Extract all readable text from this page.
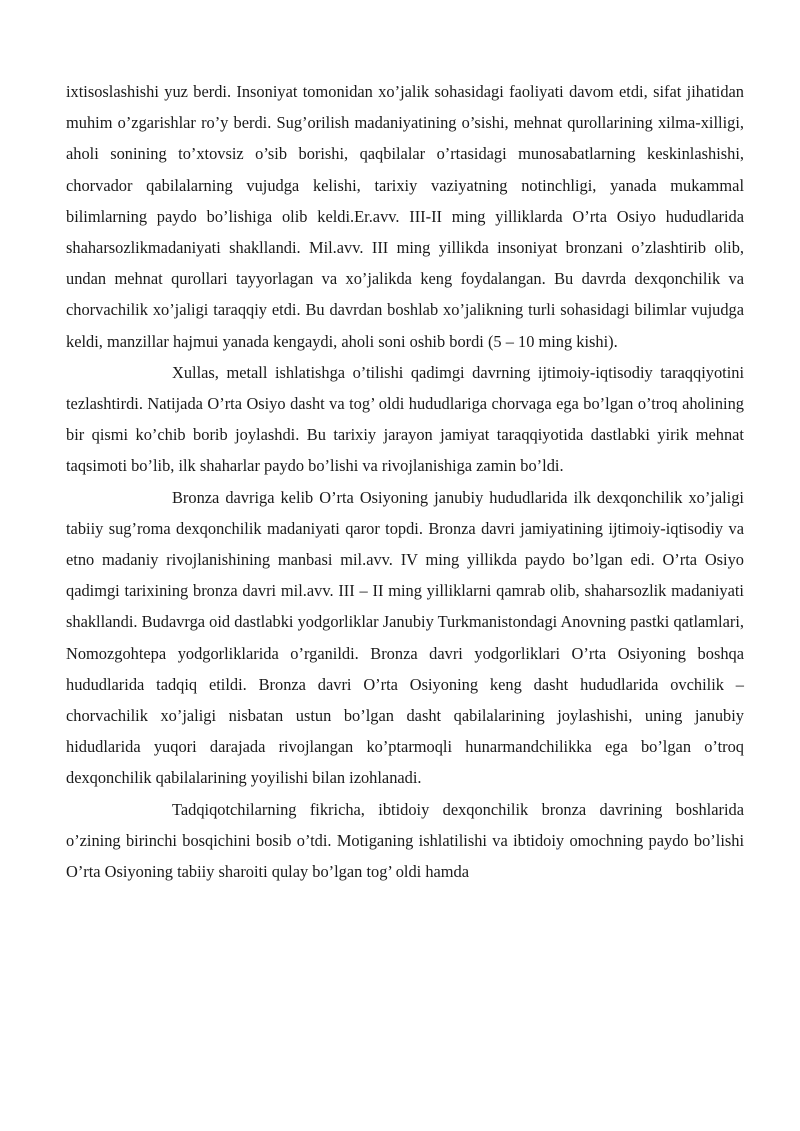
ixtisoslashishi yuz berdi. Insoniyat tomonidan xo’jalik sohasidagi faoliyati davom etdi, sifat jihatidan muhim o’zgarishlar ro’y berdi. Sug’orilish madaniyatining o’sishi, mehnat qurollarining xilma-xilligi, aholi sonining to’xtovsiz o’sib borishi, qaqbilalar o’rtasidagi munosabatlarning keskinlashishi, chorvador qabilalarning vujudga kelishi, tarixiy vaziyatning notinchligi, yanada mukammal bilimlarning paydo bo’lishiga olib keldi.Er.avv. III-II ming yilliklarda O’rta Osiyo hududlarida shaharsozlikmadaniyati shakllandi. Mil.avv. III ming yillikda insoniyat bronzani o’zlashtirib olib, undan mehnat qurollari tayyorlagan va xo’jalikda keng foydalangan. Bu davrda dexqonchilik va chorvachilik xo’jaligi taraqqiy etdi. Bu davrdan boshlab xo’jalikning turli sohasidagi bilimlar vujudga keldi, manzillar hajmui yanada kengaydi, aholi soni oshib bordi (5 – 10 ming kishi).

Xullas, metall ishlatishga o’tilishi qadimgi davrning ijtimoiy-iqtisodiy taraqqiyotini tezlashtirdi. Natijada O’rta Osiyo dasht va tog’ oldi hududlariga chorvaga ega bo’lgan o’troq aholining bir qismi ko’chib borib joylashdi. Bu tarixiy jarayon jamiyat taraqqiyotida dastlabki yirik mehnat taqsimoti bo’lib, ilk shaharlar paydo bo’lishi va rivojlanishiga zamin bo’ldi.

Bronza davriga kelib O’rta Osiyoning janubiy hududlarida ilk dexqonchilik xo’jaligi tabiiy sug’roma dexqonchilik madaniyati qaror topdi. Bronza davri jamiyatining ijtimoiy-iqtisodiy va etno madaniy rivojlanishining manbasi mil.avv. IV ming yillikda paydo bo’lgan edi. O’rta Osiyo qadimgi tarixining bronza davri mil.avv. III – II ming yilliklarni qamrab olib, shaharsozlik madaniyati shakllandi. Budavrga oid dastlabki yodgorliklar Janubiy Turkmanistondagi Anovning pastki qatlamlari, Nomozgohtepa yodgorliklarida o’rganildi. Bronza davri yodgorliklari O’rta Osiyoning boshqa hududlarida tadqiq etildi. Bronza davri O’rta Osiyoning keng dasht hududlarida ovchilik – chorvachilik xo’jaligi nisbatan ustun bo’lgan dasht qabilalarining joylashishi, uning janubiy hidudlarida yuqori darajada rivojlangan ko’ptarmoqli hunarmandchilikka ega bo’lgan o’troq dexqonchilik qabilalarining yoyilishi bilan izohlanadi.

Tadqiqotchilarning fikricha, ibtidoiy dexqonchilik bronza davrining boshlarida o’zining birinchi bosqichini bosib o’tdi. Motiganing ishlatilishi va ibtidoiy omochning paydo bo’lishi O’rta Osiyoning tabiiy sharoiti qulay bo’lgan tog’ oldi hamda
